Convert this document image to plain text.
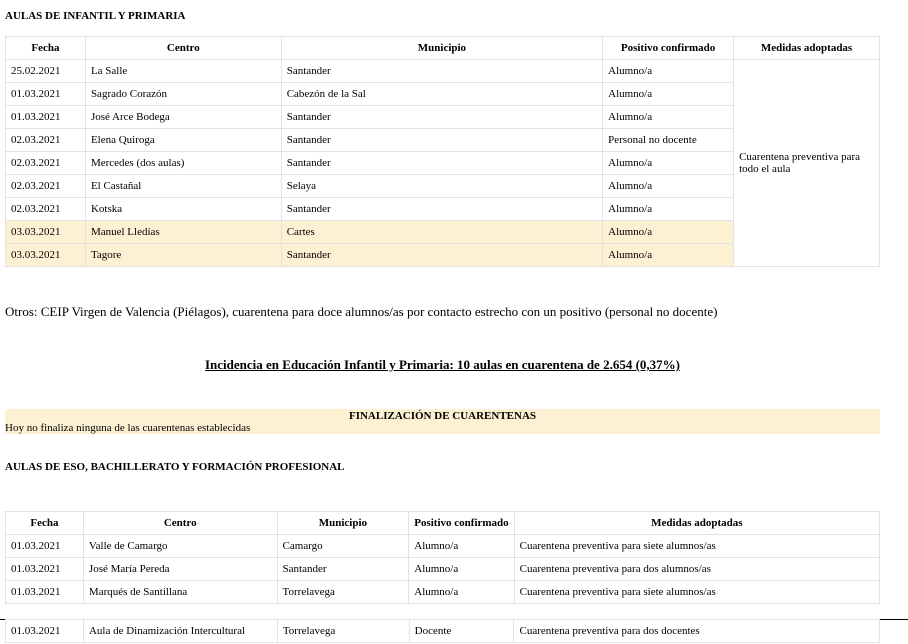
AULAS DE INFANTIL Y PRIMARIA
Fecha	Centro	Municipio	Positivo confirmado	Medidas adoptadas
25.02.2021	La Salle	Santander	Alumno/a	Cuarentena preventiva para todo el aula
01.03.2021	Sagrado Corazón	Cabezón de la Sal	Alumno/a	
01.03.2021	José Arce Bodega	Santander	Alumno/a	
02.03.2021	Elena Quiroga	Santander	Personal no docente	
02.03.2021	Mercedes (dos aulas)	Santander	Alumno/a	
02.03.2021	El Castañal	Selaya	Alumno/a	
02.03.2021	Kotska	Santander	Alumno/a	
03.03.2021	Manuel Lledías	Cartes	Alumno/a	
03.03.2021	Tagore	Santander	Alumno/a	
Otros: CEIP Virgen de Valencia (Piélagos), cuarentena para doce alumnos/as por contacto estrecho con un positivo (personal no docente)
Incidencia en Educación Infantil y Primaria: 10 aulas en cuarentena de 2.654 (0,37%)
FINALIZACIÓN DE CUARENTENAS
Hoy no finaliza ninguna de las cuarentenas establecidas
AULAS DE ESO, BACHILLERATO Y FORMACIÓN PROFESIONAL
Fecha	Centro	Municipio	Positivo confirmado	Medidas adoptadas
01.03.2021	Valle de Camargo	Camargo	Alumno/a	Cuarentena preventiva para siete alumnos/as
01.03.2021	José María Pereda	Santander	Alumno/a	Cuarentena preventiva para dos alumnos/as
01.03.2021	Marqués de Santillana	Torrelavega	Alumno/a	Cuarentena preventiva para siete alumnos/as
01.03.2021	Aula de Dinamización Intercultural	Torrelavega	Docente	Cuarentena preventiva para dos docentes
